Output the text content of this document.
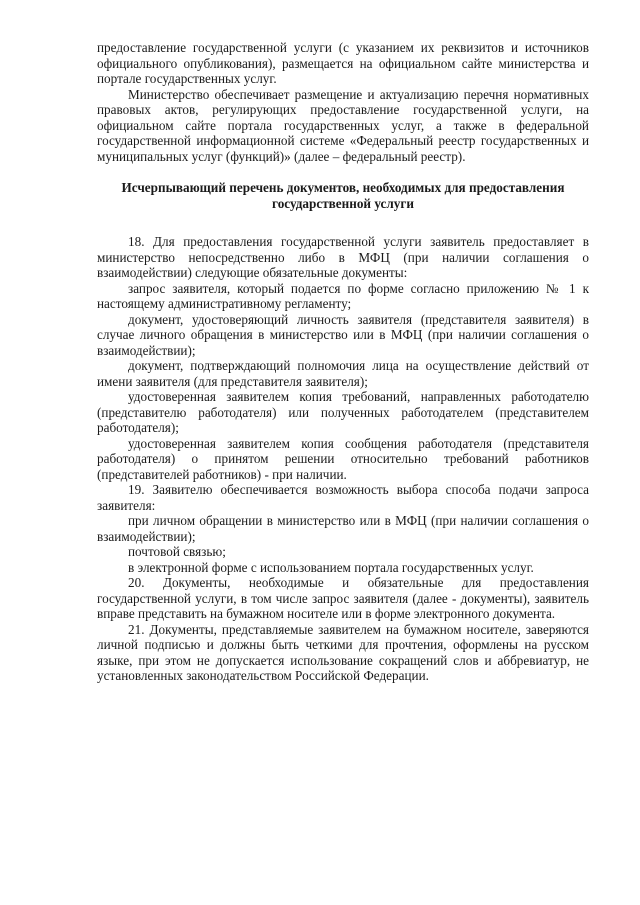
предоставление государственной услуги (с указанием их реквизитов и источников официального опубликования), размещается на официальном сайте министерства и портале государственных услуг.

Министерство обеспечивает размещение и актуализацию перечня нормативных правовых актов, регулирующих предоставление государственной услуги, на официальном сайте портала государственных услуг, а также в федеральной государственной информационной системе «Федеральный реестр государственных и муниципальных услуг (функций)» (далее – федеральный реестр).

Исчерпывающий перечень документов, необходимых для предоставления государственной услуги

18. Для предоставления государственной услуги заявитель предоставляет в министерство непосредственно либо в МФЦ (при наличии соглашения о взаимодействии) следующие обязательные документы:

запрос заявителя, который подается по форме согласно приложению № 1 к настоящему административному регламенту;

документ, удостоверяющий личность заявителя (представителя заявителя) в случае личного обращения в министерство или в МФЦ (при наличии соглашения о взаимодействии);

документ, подтверждающий полномочия лица на осуществление действий от имени заявителя (для представителя заявителя);

удостоверенная заявителем копия требований, направленных работодателю (представителю работодателя) или полученных работодателем (представителем работодателя);

удостоверенная заявителем копия сообщения работодателя (представителя работодателя) о принятом решении относительно требований работников (представителей работников) - при наличии.

19. Заявителю обеспечивается возможность выбора способа подачи запроса заявителя:

при личном обращении в министерство или в МФЦ (при наличии соглашения о взаимодействии);

почтовой связью;

в электронной форме с использованием портала государственных услуг.

20. Документы, необходимые и обязательные для предоставления государственной услуги, в том числе запрос заявителя (далее - документы), заявитель вправе представить на бумажном носителе или в форме электронного документа.

21. Документы, представляемые заявителем на бумажном носителе, заверяются личной подписью и должны быть четкими для прочтения, оформлены на русском языке, при этом не допускается использование сокращений слов и аббревиатур, не установленных законодательством Российской Федерации.
